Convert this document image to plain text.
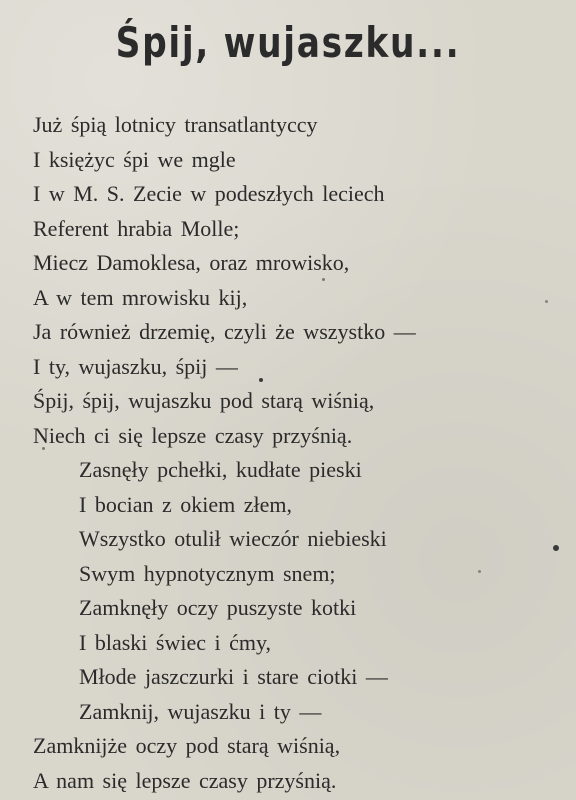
Śpij, wujaszku...
Już śpią lotnicy transatlantyccy
I księżyc śpi we mgle
I w M. S. Zecie w podeszłych leciech
Referent hrabia Molle;
Miecz Damoklesa, oraz mrowisko,
A w tem mrowisku kij,
Ja również drzemię, czyli że wszystko —
I ty, wujaszku, śpij —
Śpij, śpij, wujaszku pod starą wiśnią,
Niech ci się lepsze czasy przyśnią.
Zasnęły pchełki, kudłate pieski
I bocian z okiem złem,
Wszystko otulił wieczór niebieski
Swym hypnotycznym snem;
Zamknęły oczy puszyste kotki
I blaski świec i ćmy,
Młode jaszczurki i stare ciotki —
Zamknij, wujaszku i ty —
Zamknijże oczy pod starą wiśnią,
A nam się lepsze czasy przyśnią.
